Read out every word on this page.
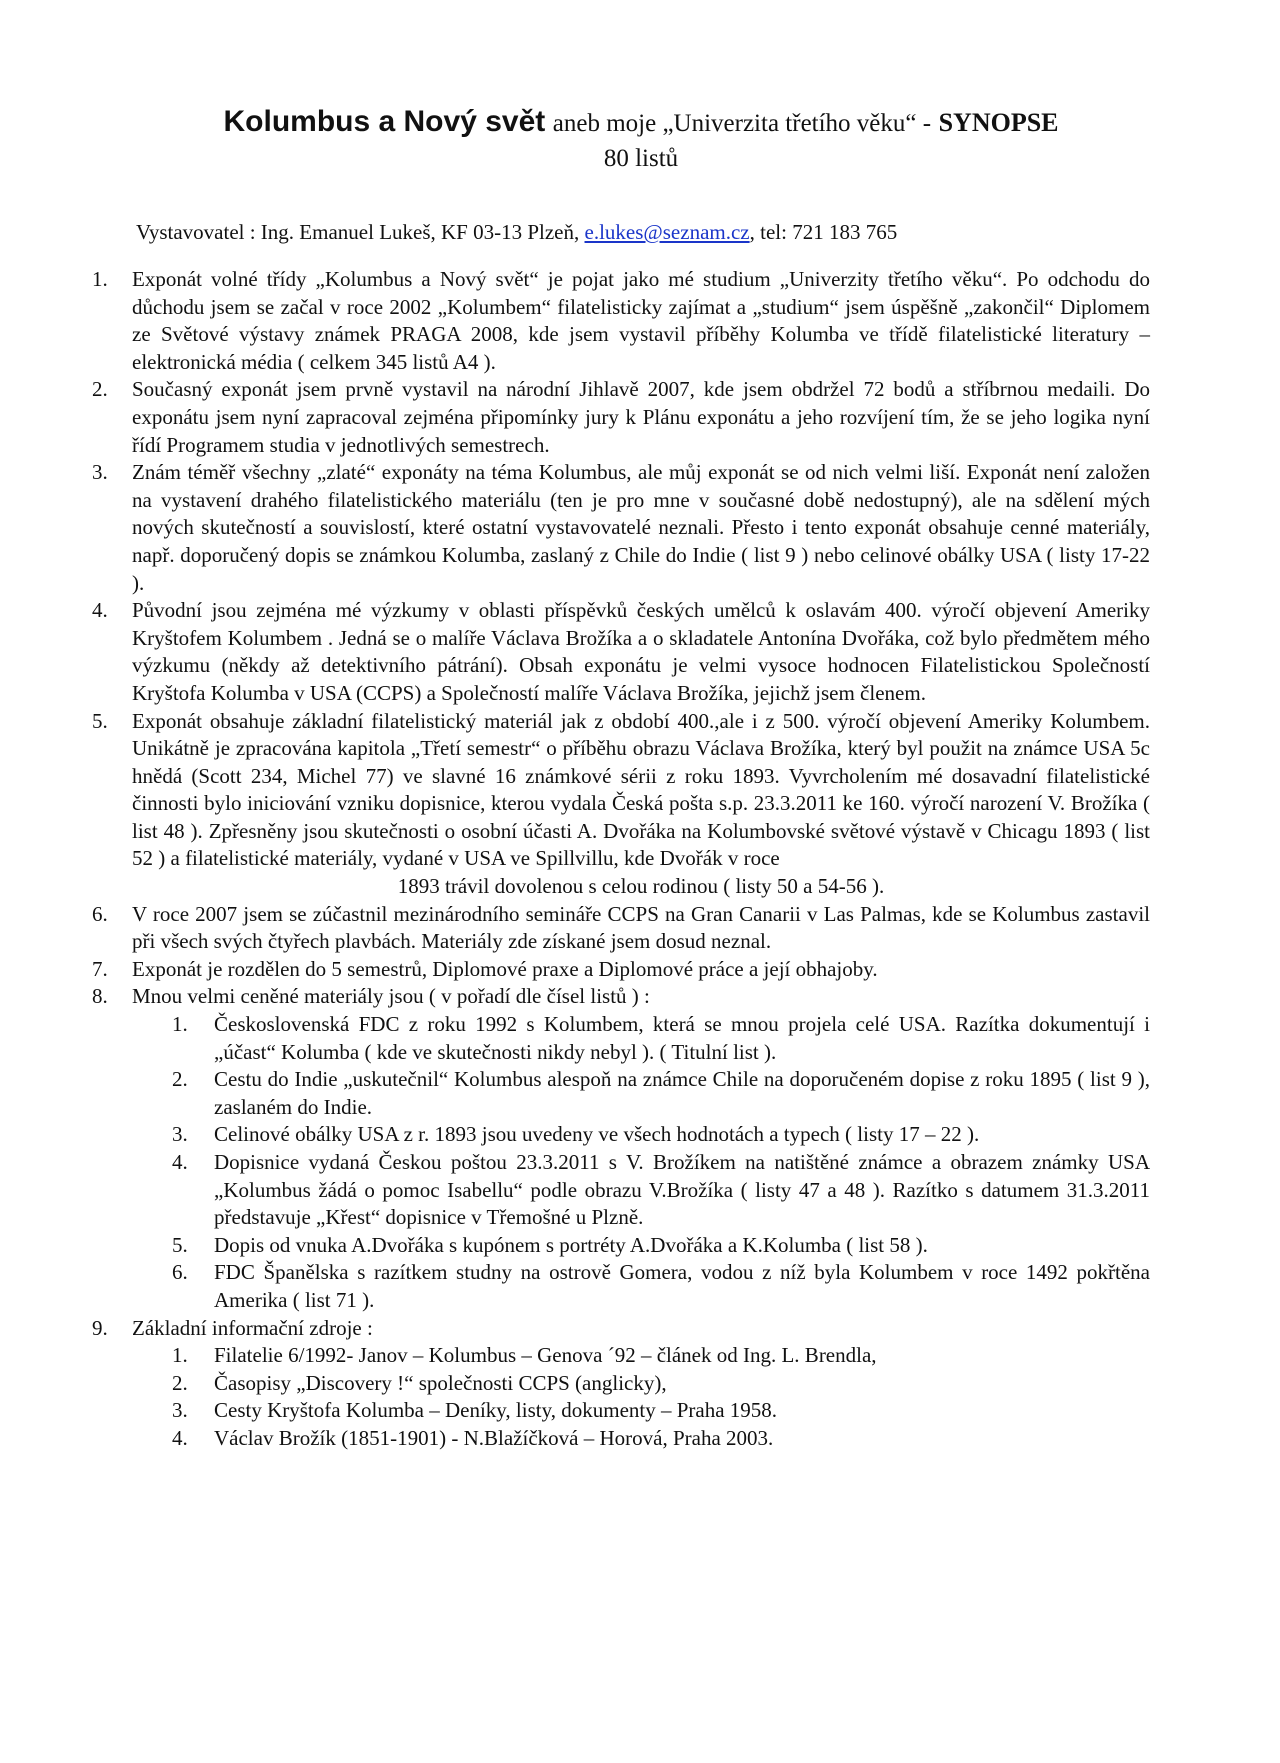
Kolumbus a Nový svět aneb moje „Univerzita třetího věku“ - SYNOPSE
80 listů
Vystavovatel : Ing. Emanuel Lukeš, KF 03-13 Plzeň, e.lukes@seznam.cz, tel: 721 183 765
1.	Exponát volné třídy „Kolumbus a Nový svět“ je pojat jako mé studium „Univerzity třetího věku“. Po odchodu do důchodu jsem se začal v roce 2002 „Kolumbem“ filatelisticky zajímat a „studium“ jsem úspěšně „zakončil“ Diplomem ze Světové výstavy známek PRAGA 2008, kde jsem vystavil příběhy Kolumba ve třídě filatelistické literatury – elektronická média ( celkem 345 listů A4 ).
2.	Současný exponát jsem prvně vystavil na národní Jihlavě 2007, kde jsem obdržel 72 bodů a stříbrnou medaili. Do exponátu jsem nyní zapracoval zejména připomínky jury k Plánu exponátu a jeho rozvíjení tím, že se jeho logika nyní řídí Programem studia v jednotlivých semestrech.
3.	Znám téměř všechny „zlaté“ exponáty na téma Kolumbus, ale můj exponát se od nich velmi liší. Exponát není založen na vystavení drahého filatelistického materiálu (ten je pro mne v současné době nedostupný), ale na sdělení mých nových skutečností a souvislostí, které ostatní vystavovatelé neznali. Přesto i tento exponát obsahuje cenné materiály, např. doporučený dopis se známkou Kolumba, zaslaný z Chile do Indie ( list 9 ) nebo celinové obálky USA ( listy 17-22 ).
4.	Původní jsou zejména mé výzkumy v oblasti příspěvků českých umělců k oslavám 400. výročí objevení Ameriky Kryštofem Kolumbem . Jedná se o malíře Václava Brožíka a o skladatele Antonína Dvořáka, což bylo předmětem mého výzkumu (někdy až detektivního pátrání). Obsah exponátu je velmi vysoce hodnocen Filatelistickou Společností Kryštofa Kolumba v USA (CCPS) a Společností malíře Václava Brožíka, jejichž jsem členem.
5.	Exponát obsahuje základní filatelistický materiál jak z období 400.,ale i z 500. výročí objevení Ameriky Kolumbem. Unikátně je zpracována kapitola „Třetí semestr“ o příběhu obrazu Václava Brožíka, který byl použit na známce USA 5c hnědá (Scott 234, Michel 77) ve slavné 16 známkové sérii z roku 1893. Vyvrcholením mé dosavadní filatelistické činnosti bylo iniciování vzniku dopisnice, kterou vydala Česká pošta s.p. 23.3.2011 ke 160. výročí narození V. Brožíka ( list 48 ). Zpřesněny jsou skutečnosti o osobní účasti A. Dvořáka na Kolumbovské světové výstavě v Chicagu 1893 ( list 52 ) a filatelistické materiály, vydané v USA ve Spillvillu, kde Dvořák v roce
1893 trávil dovolenou s celou rodinou ( listy 50 a 54-56 ).
6.	V roce 2007 jsem se zúčastnil mezinárodního semináře CCPS na Gran Canarii v Las Palmas, kde se Kolumbus zastavil při všech svých čtyřech plavbách. Materiály zde získané jsem dosud neznal.
7.	Exponát je rozdělen do 5 semestrů, Diplomové praxe a Diplomové práce a její obhajoby.
8.	Mnou velmi ceněné materiály jsou ( v pořadí dle čísel listů ) :
1. Československá FDC z roku 1992 s Kolumbem, která se mnou projela celé USA. Razítka dokumentují i „účast“ Kolumba ( kde ve skutečnosti nikdy nebyl ). ( Titulní list ).
2. Cestu do Indie „uskutečnil“ Kolumbus alespoň na známce Chile na doporučeném dopise z roku 1895 ( list 9 ), zaslaném do Indie.
3. Celinové obálky USA z r. 1893 jsou uvedeny ve všech hodnotách a typech ( listy 17 – 22 ).
4. Dopisnice vydaná Českou poštou 23.3.2011 s V. Brožíkem na natištěné známce a obrazem známky USA „Kolumbus žádá o pomoc Isabellu“ podle obrazu V.Brožíka ( listy 47 a 48 ). Razítko s datumem 31.3.2011 představuje „Křest“ dopisnice v Třemošné u Plzně.
5. Dopis od vnuka A.Dvořáka s kupónem s portréty A.Dvořáka a K.Kolumba ( list 58 ).
6. FDC Španělska s razítkem studny na ostrově Gomera, vodou z níž byla Kolumbem v roce 1492 pokřtěna Amerika ( list 71 ).
9.	Základní informační zdroje :
1. Filatelie 6/1992- Janov – Kolumbus – Genova ´92 – článek od Ing. L. Brendla,
2. Časopisy „Discovery !“ společnosti CCPS (anglicky),
3. Cesty Kryštofa Kolumba – Deníky, listy, dokumenty – Praha 1958.
4. Václav Brožík (1851-1901) - N.Blažíčková – Horová, Praha 2003.
